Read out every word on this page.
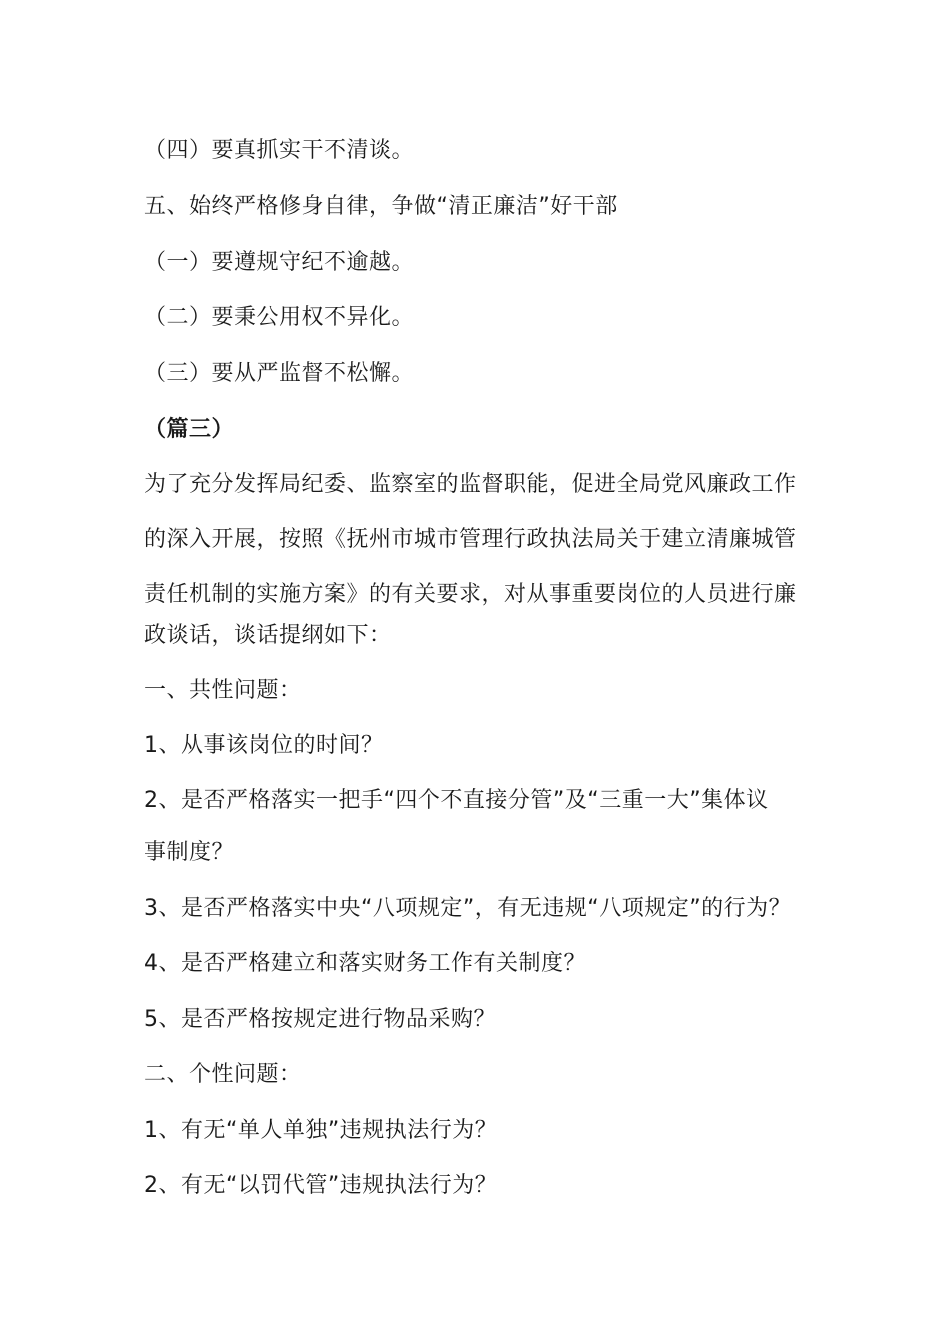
（四）要真抓实干不清谈。
五、始终严格修身自律，争做“清正廉洁”好干部
（一）要遵规守纪不逾越。
（二）要秉公用权不异化。
（三）要从严监督不松懈。
（篇三）
为了充分发挥局纪委、监察室的监督职能，促进全局党风廉政工作
的深入开展，按照《抚州市城市管理行政执法局关于建立清廉城管
责任机制的实施方案》的有关要求，对从事重要岗位的人员进行廉
政谈话，谈话提纲如下：
一、共性问题：
1、从事该岗位的时间？
2、是否严格落实一把手“四个不直接分管”及“三重一大”集体议
事制度？
3、是否严格落实中央“八项规定”，有无违规“八项规定”的行为？
4、是否严格建立和落实财务工作有关制度？
5、是否严格按规定进行物品采购？
二、个性问题：
1、有无“单人单独”违规执法行为？
2、有无“以罚代管”违规执法行为？
